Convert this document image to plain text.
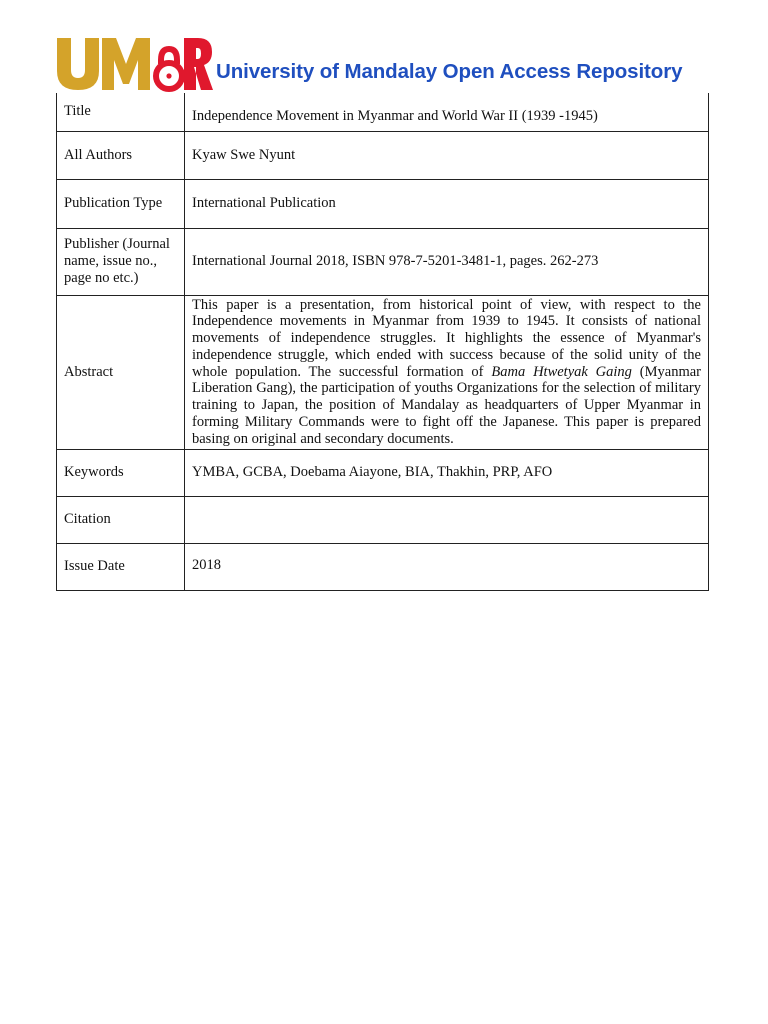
University of Mandalay Open Access Repository
Title	Independence Movement in Myanmar and World War II (1939 -1945)
All Authors	Kyaw Swe Nyunt
Publication Type	International Publication
Publisher (Journal name, issue no., page no etc.)	International Journal 2018, ISBN 978-7-5201-3481-1, pages. 262-273
Abstract	This paper is a presentation, from historical point of view, with respect to the Independence movements in Myanmar from 1939 to 1945. It consists of national movements of independence struggles. It highlights the essence of Myanmar's independence struggle, which ended with success because of the solid unity of the whole population. The successful formation of Bama Htwetyak Gaing (Myanmar Liberation Gang), the participation of youths Organizations for the selection of military training to Japan, the position of Mandalay as headquarters of Upper Myanmar in forming Military Commands were to fight off the Japanese. This paper is prepared basing on original and secondary documents.
Keywords	YMBA, GCBA, Doebama Aiayone, BIA, Thakhin, PRP, AFO
Citation	
Issue Date	2018
